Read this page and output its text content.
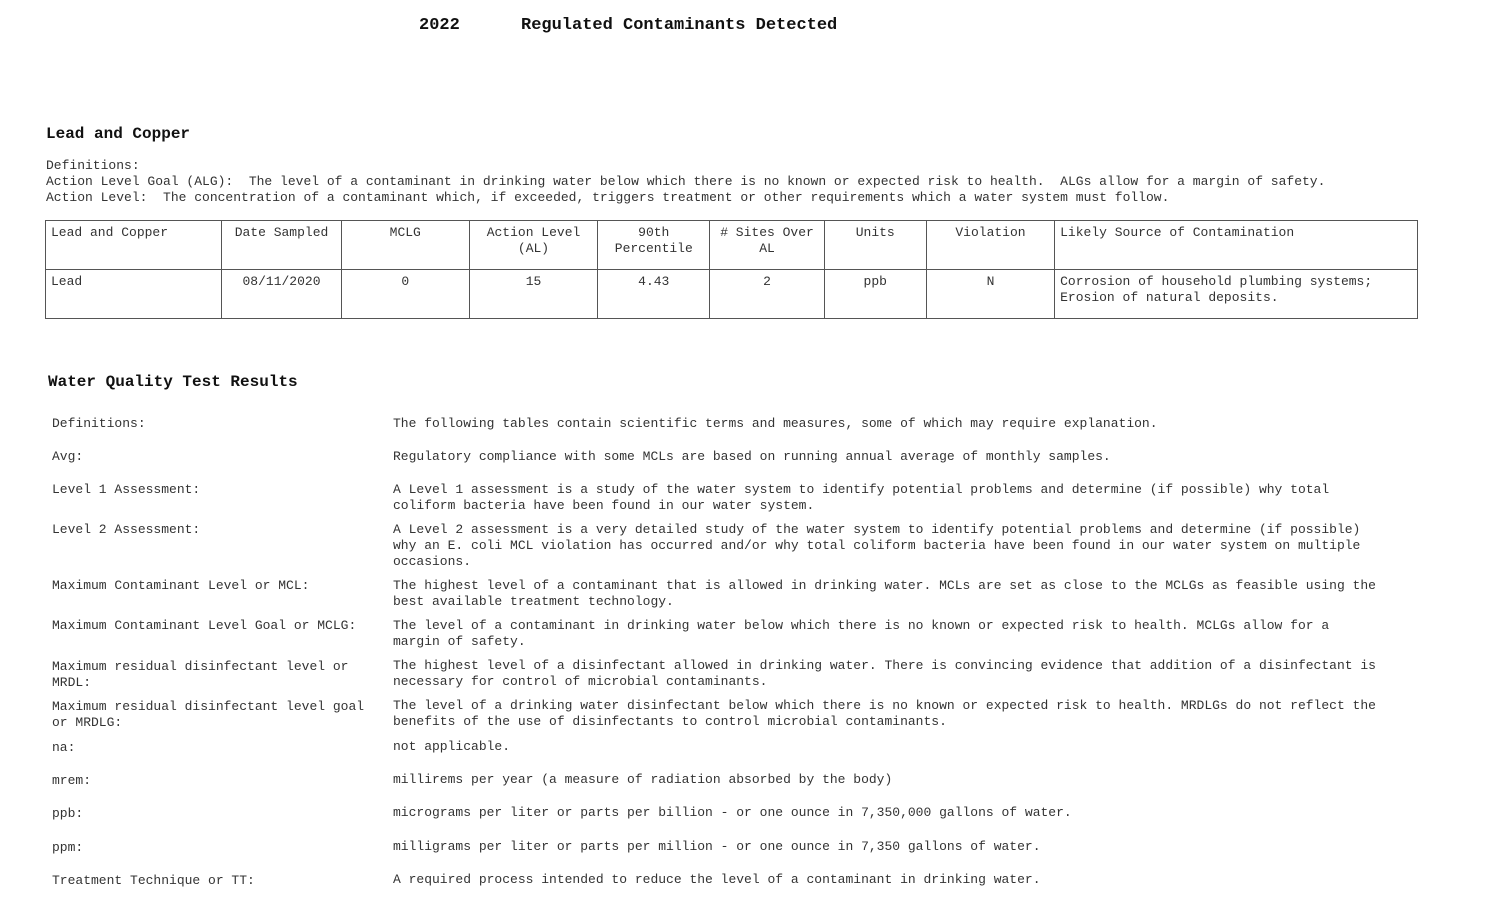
2022	Regulated Contaminants Detected
Lead and Copper
Definitions:
Action Level Goal (ALG):  The level of a contaminant in drinking water below which there is no known or expected risk to health.  ALGs allow for a margin of safety.
Action Level:  The concentration of a contaminant which, if exceeded, triggers treatment or other requirements which a water system must follow.
Lead and Copper	Date Sampled	MCLG	Action Level (AL)	90th Percentile	# Sites Over AL	Units	Violation	Likely Source of Contamination
Lead	08/11/2020	0	15	4.43	2	ppb	N	Corrosion of household plumbing systems; Erosion of natural deposits.
Water Quality Test Results
Definitions:	The following tables contain scientific terms and measures, some of which may require explanation.
Avg:	Regulatory compliance with some MCLs are based on running annual average of monthly samples.
Level 1 Assessment:	A Level 1 assessment is a study of the water system to identify potential problems and determine (if possible) why total coliform bacteria have been found in our water system.
Level 2 Assessment:	A Level 2 assessment is a very detailed study of the water system to identify potential problems and determine (if possible) why an E. coli MCL violation has occurred and/or why total coliform bacteria have been found in our water system on multiple occasions.
Maximum Contaminant Level or MCL:	The highest level of a contaminant that is allowed in drinking water. MCLs are set as close to the MCLGs as feasible using the best available treatment technology.
Maximum Contaminant Level Goal or MCLG:	The level of a contaminant in drinking water below which there is no known or expected risk to health. MCLGs allow for a margin of safety.
Maximum residual disinfectant level or MRDL:
The highest level of a disinfectant allowed in drinking water. There is convincing evidence that addition of a disinfectant is necessary for control of microbial contaminants.
Maximum residual disinfectant level goal or MRDLG:
The level of a drinking water disinfectant below which there is no known or expected risk to health. MRDLGs do not reflect the benefits of the use of disinfectants to control microbial contaminants.
na:	not applicable.
mrem:	millirems per year (a measure of radiation absorbed by the body)
ppb:	micrograms per liter or parts per billion - or one ounce in 7,350,000 gallons of water.
ppm:	milligrams per liter or parts per million - or one ounce in 7,350 gallons of water.
Treatment Technique or TT:	A required process intended to reduce the level of a contaminant in drinking water.
